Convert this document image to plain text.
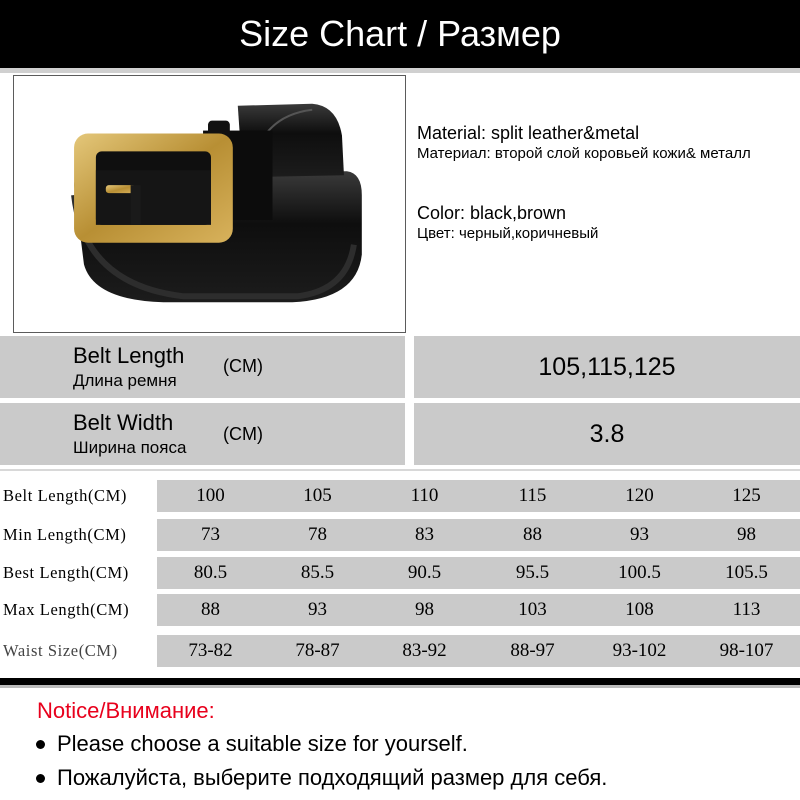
Size Chart / Размер
Material: split leather&metal
Материал: второй слой коровьей кожи& металл
Color: black,brown
Цвет: черный,коричневый
Belt Length
Длина ремня
(CM)	105,115,125
Belt Width
Ширина пояса
(CM)	3.8
Belt Length(CM)	100	105	110	115	120	125
Min Length(CM)	73	78	83	88	93	98
Best Length(CM)	80.5	85.5	90.5	95.5	100.5	105.5
Max Length(CM)	88	93	98	103	108	113
Waist Size(CM)	73-82	78-87	83-92	88-97	93-102	98-107
Notice/Внимание:
Please choose a suitable size for yourself.
Пожалуйста, выберите подходящий размер для себя.
